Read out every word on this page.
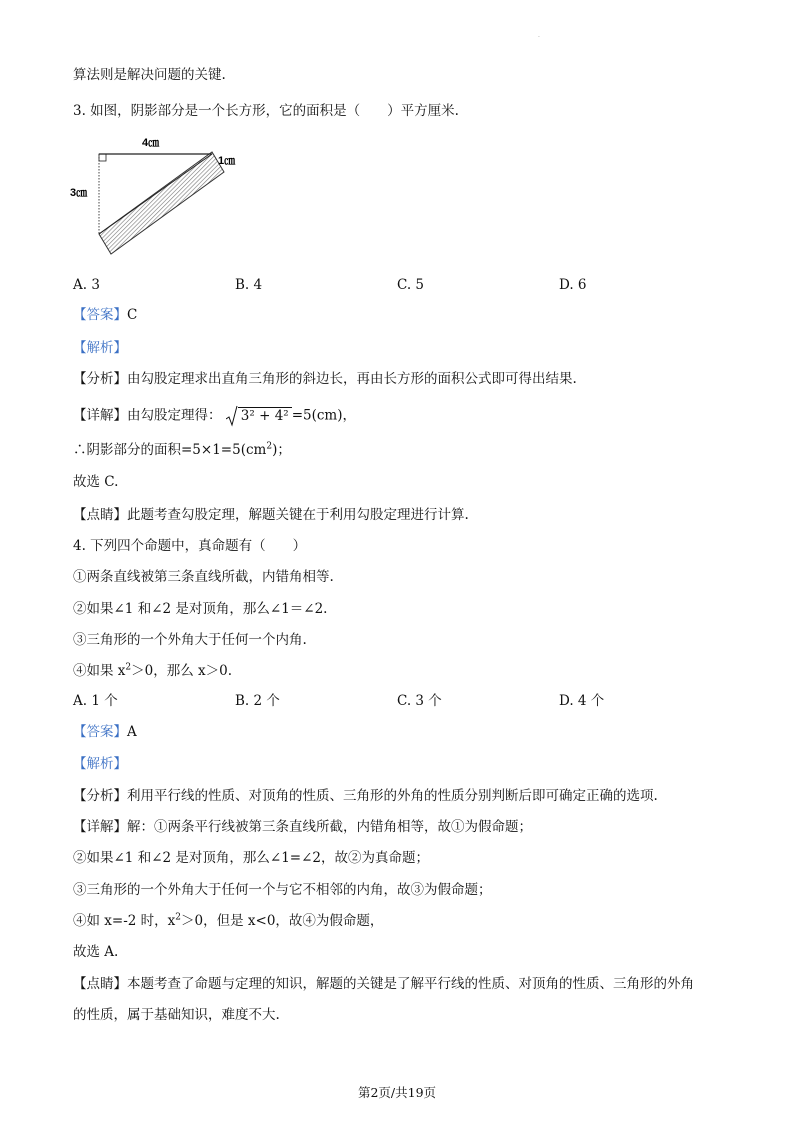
.
算法则是解决问题的关键.
3. 如图，阴影部分是一个长方形，它的面积是（　　）平方厘米.
4㎝
3㎝
1㎝
A. 3	B. 4	C. 5	D. 6
【答案】C
【解析】
【分析】由勾股定理求出直角三角形的斜边长，再由长方形的面积公式即可得出结果.
【详解】由勾股定理得： 3² + 4² =5(cm)，
∴阴影部分的面积$=5\times 1=5(cm^2)$；
故选 C.
【点睛】此题考查勾股定理，解题关键在于利用勾股定理进行计算.
4. 下列四个命题中，真命题有（　　）
①两条直线被第三条直线所截，内错角相等.
②如果∠1 和∠2 是对顶角，那么∠1＝∠2.
③三角形的一个外角大于任何一个内角.
④如果 $x^2>0$，那么 x＞0.
A. 1 个	B. 2 个	C. 3 个	D. 4 个
【答案】A
【解析】
【分析】利用平行线的性质、对顶角的性质、三角形的外角的性质分别判断后即可确定正确的选项.
【详解】解：①两条平行线被第三条直线所截，内错角相等，故①为假命题；
②如果∠1 和∠2 是对顶角，那么∠1=∠2，故②为真命题；
③三角形的一个外角大于任何一个与它不相邻的内角，故③为假命题；
④如 x=-2 时，$x^2>0$，但是 x<0，故④为假命题，
故选 A.
【点睛】本题考查了命题与定理的知识，解题的关键是了解平行线的性质、对顶角的性质、三角形的外角
的性质，属于基础知识，难度不大.
第2页/共19页
